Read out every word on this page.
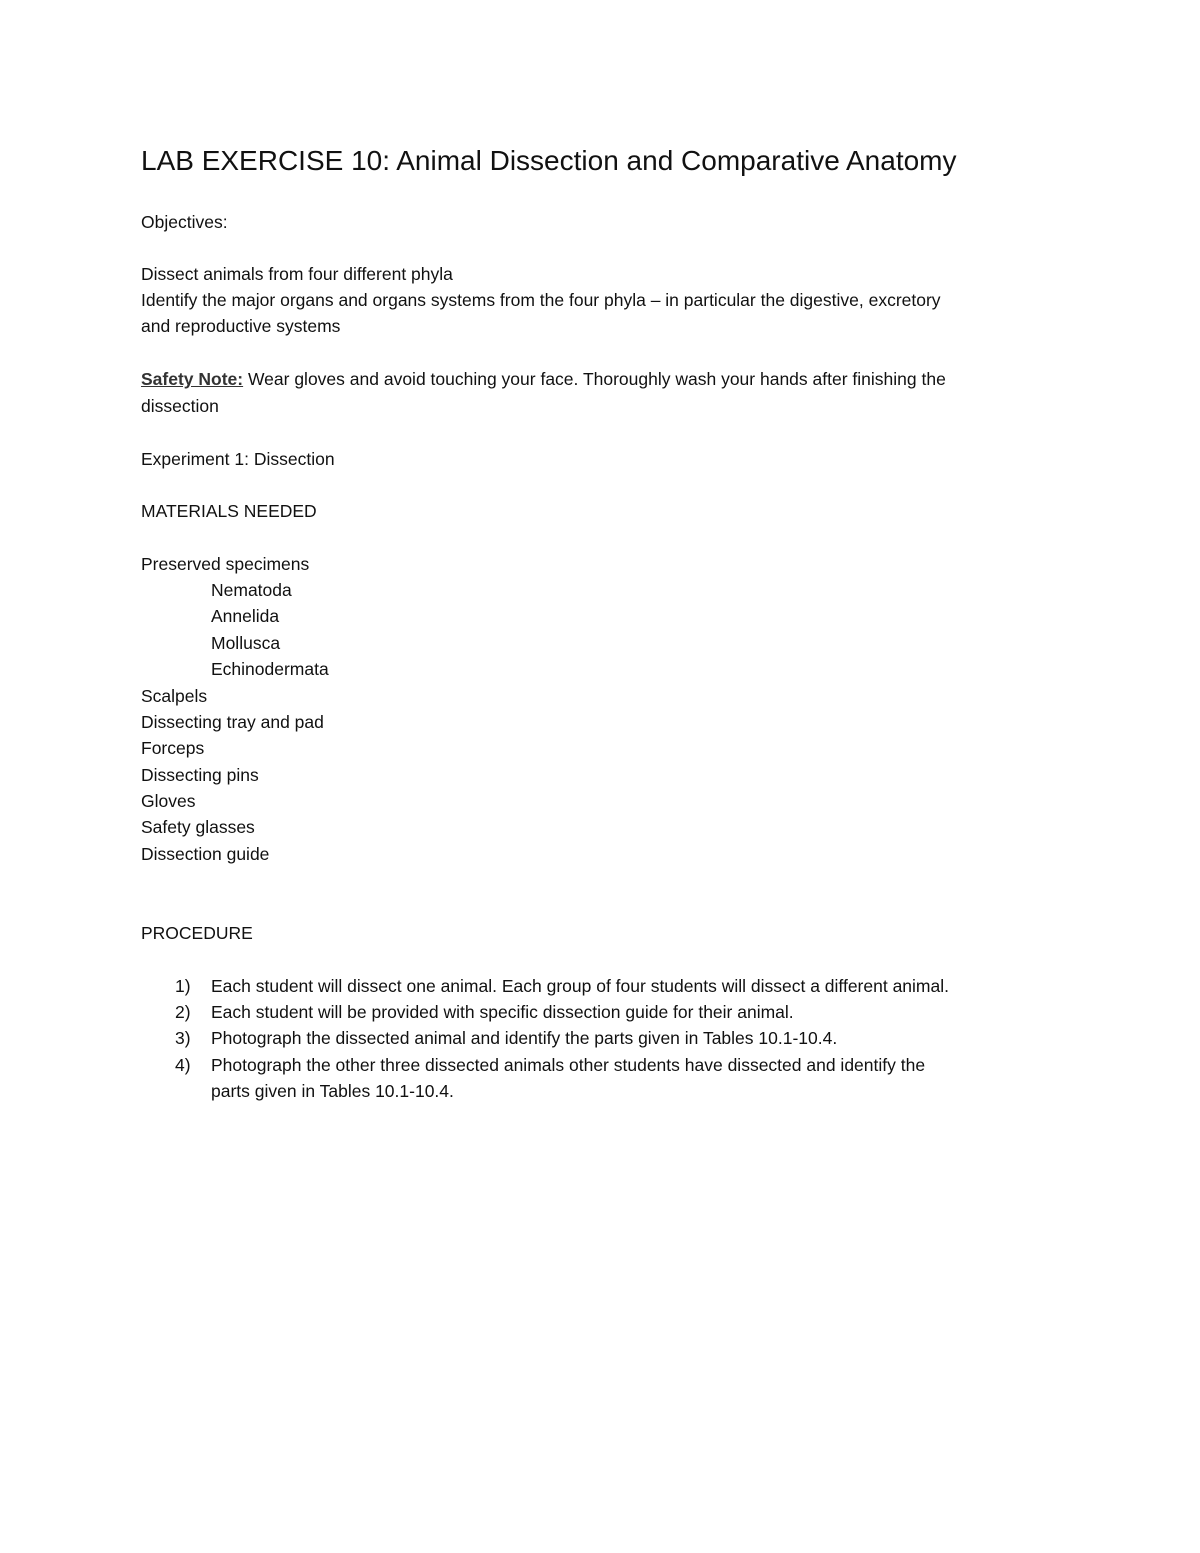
LAB EXERCISE 10: Animal Dissection and Comparative Anatomy

Objectives:

Dissect animals from four different phyla

Identify the major organs and organs systems from the four phyla – in particular the digestive, excretory

and reproductive systems

Safety Note: Wear gloves and avoid touching your face. Thoroughly wash your hands after finishing the

dissection

Experiment 1: Dissection

MATERIALS NEEDED

Preserved specimens

Nematoda

Annelida

Mollusca

Echinodermata

Scalpels

Dissecting tray and pad

Forceps

Dissecting pins

Gloves

Safety glasses

Dissection guide

PROCEDURE

1) Each student will dissect one animal. Each group of four students will dissect a different animal.
2) Each student will be provided with specific dissection guide for their animal.
3) Photograph the dissected animal and identify the parts given in Tables 10.1-10.4.
4) Photograph the other three dissected animals other students have dissected and identify the
parts given in Tables 10.1-10.4.
